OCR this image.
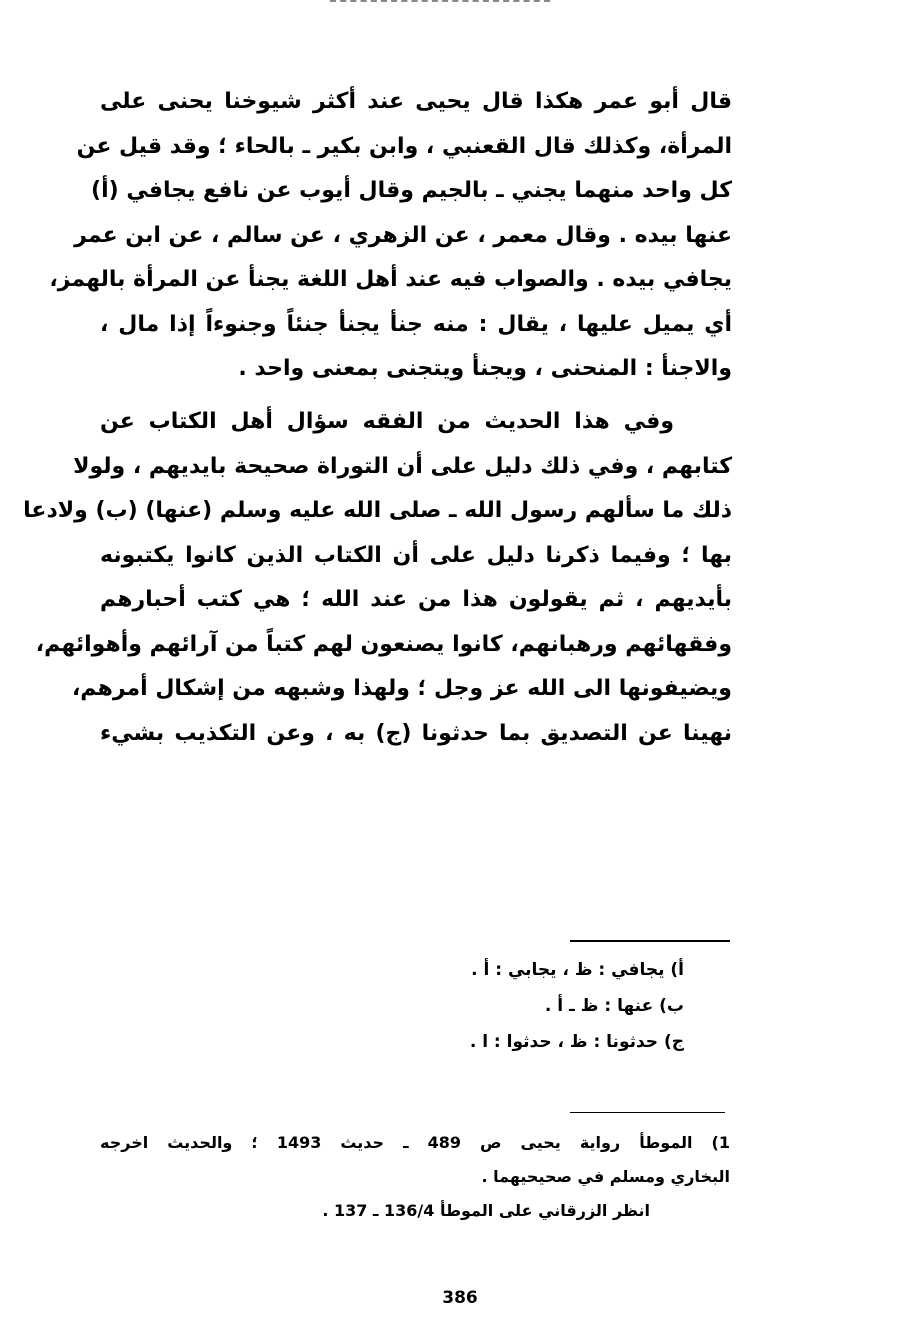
قال أبو عمر هكذا قال يحيى عند أكثر شيوخنا يحنى على
المرأة، وكذلك قال القعنبي ، وابن بكير ـ بالحاء ؛ وقد قيل عن
كل واحد منهما يجني ـ بالجيم وقال أيوب عن نافع يجافي (أ)
عنها بيده . وقال معمر ، عن الزهري ، عن سالم ، عن ابن عمر
يجافي بيده . والصواب فيه عند أهل اللغة يجنأ عن المرأة بالهمز،
أي يميل عليها ، يقال : منه جنأ يجنأ جنئاً وجنوءاً إذا مال ،
والاجنأ : المنحنى ، ويجنأ ويتجنى بمعنى واحد .
وفي هذا الحديث من الفقه سؤال أهل الكتاب عن
كتابهم ، وفي ذلك دليل على أن التوراة صحيحة بايديهم ، ولولا
ذلك ما سألهم رسول الله ـ صلى الله عليه وسلم (عنها) (ب) ولادعا
بها ؛ وفيما ذكرنا دليل على أن الكتاب الذين كانوا يكتبونه
بأيديهم ، ثم يقولون هذا من عند الله ؛ هي كتب أحبارهم
وفقهائهم ورهبانهم، كانوا يصنعون لهم كتباً من آرائهم وأهوائهم،
ويضيفونها الى الله عز وجل ؛ ولهذا وشبهه من إشكال أمرهم،
نهينا عن التصديق بما حدثونا (ج) به ، وعن التكذيب بشيء
أ) يجافي : ظ ، يجابي : أ .
ب) عنها : ظ ـ أ .
ج) حدثونا : ظ ، حدثوا : ا .
1) الموطأ رواية يحيى ص 489 ـ حديث 1493 ؛ والحديث اخرجه
البخاري ومسلم في صحيحيهما .
انظر الزرقاني على الموطأ 136/4 ـ 137 .
386
